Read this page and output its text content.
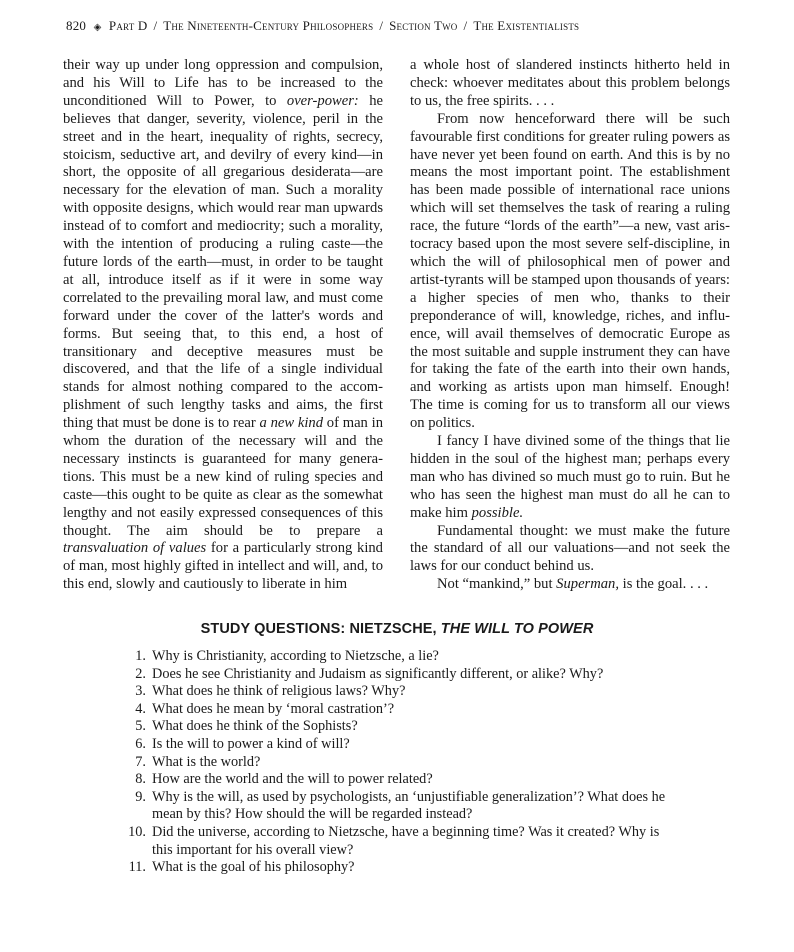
820 ◈ Part D / The Nineteenth-Century Philosophers / Section Two / The Existentialists

their way up under long oppression and compulsion, and his Will to Life has to be increased to the unconditioned Will to Power, to over-power: he believes that danger, severity, violence, peril in the street and in the heart, inequality of rights, secrecy, stoicism, seductive art, and devilry of every kind—in short, the opposite of all gregarious desiderata—are necessary for the elevation of man. Such a morality with opposite designs, which would rear man upwards instead of to comfort and mediocrity; such a morality, with the intention of producing a ruling caste—the future lords of the earth—must, in order to be taught at all, introduce itself as if it were in some way correlated to the prevailing moral law, and must come forward under the cover of the latter's words and forms. But seeing that, to this end, a host of transitionary and deceptive measures must be discovered, and that the life of a single individual stands for almost nothing compared to the accomplishment of such lengthy tasks and aims, the first thing that must be done is to rear a new kind of man in whom the duration of the necessary will and the necessary instincts is guaranteed for many generations. This must be a new kind of ruling species and caste—this ought to be quite as clear as the somewhat lengthy and not easily expressed consequences of this thought. The aim should be to prepare a transvaluation of values for a particularly strong kind of man, most highly gifted in intellect and will, and, to this end, slowly and cautiously to liberate in him

a whole host of slandered instincts hitherto held in check: whoever meditates about this problem belongs to us, the free spirits. . . .

From now henceforward there will be such favourable first conditions for greater ruling powers as have never yet been found on earth. And this is by no means the most important point. The establishment has been made possible of international race unions which will set themselves the task of rearing a ruling race, the future “lords of the earth”—a new, vast aristocracy based upon the most severe self-discipline, in which the will of philosophical men of power and artist-tyrants will be stamped upon thousands of years: a higher species of men who, thanks to their preponderance of will, knowledge, riches, and influence, will avail themselves of democratic Europe as the most suitable and supple instrument they can have for taking the fate of the earth into their own hands, and working as artists upon man himself. Enough! The time is coming for us to transform all our views on politics.

I fancy I have divined some of the things that lie hidden in the soul of the highest man; perhaps every man who has divined so much must go to ruin. But he who has seen the highest man must do all he can to make him possible.

Fundamental thought: we must make the future the standard of all our valuations—and not seek the laws for our conduct behind us.

Not “mankind,” but Superman, is the goal. . . .

STUDY QUESTIONS: NIETZSCHE, THE WILL TO POWER
1. Why is Christianity, according to Nietzsche, a lie?
2. Does he see Christianity and Judaism as significantly different, or alike? Why?
3. What does he think of religious laws? Why?
4. What does he mean by ‘moral castration’?
5. What does he think of the Sophists?
6. Is the will to power a kind of will?
7. What is the world?
8. How are the world and the will to power related?
9. Why is the will, as used by psychologists, an ‘unjustifiable generalization’? What does he mean by this? How should the will be regarded instead?
10. Did the universe, according to Nietzsche, have a beginning time? Was it created? Why is this important for his overall view?
11. What is the goal of his philosophy?
